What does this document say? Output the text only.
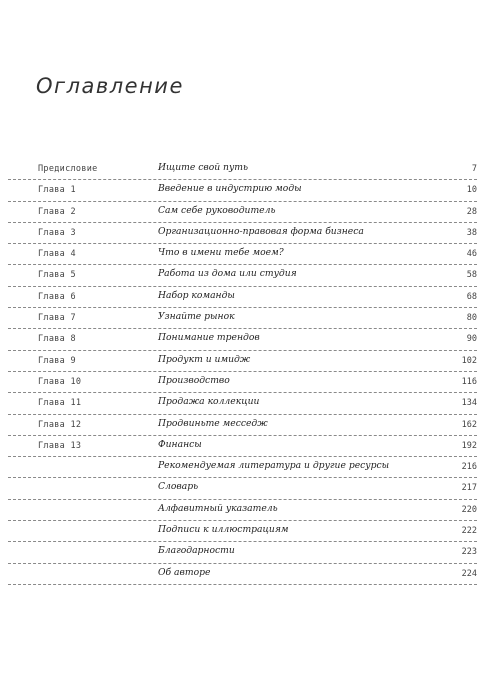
Оглавление
Предисловие	Ищите свой путь	7
Глава 1	Введение в индустрию моды	10
Глава 2	Сам себе руководитель	28
Глава 3	Организационно-правовая форма бизнеса	38
Глава 4	Что в имени тебе моем?	46
Глава 5	Работа из дома или студия	58
Глава 6	Набор команды	68
Глава 7	Узнайте рынок	80
Глава 8	Понимание трендов	90
Глава 9	Продукт и имидж	102
Глава 10	Производство	116
Глава 11	Продажа коллекции	134
Глава 12	Продвиньте месседж	162
Глава 13	Финансы	192
Рекомендуемая литература и другие ресурсы	216
Словарь	217
Алфавитный указатель	220
Подписи к иллюстрациям	222
Благодарности	223
Об авторе	224
